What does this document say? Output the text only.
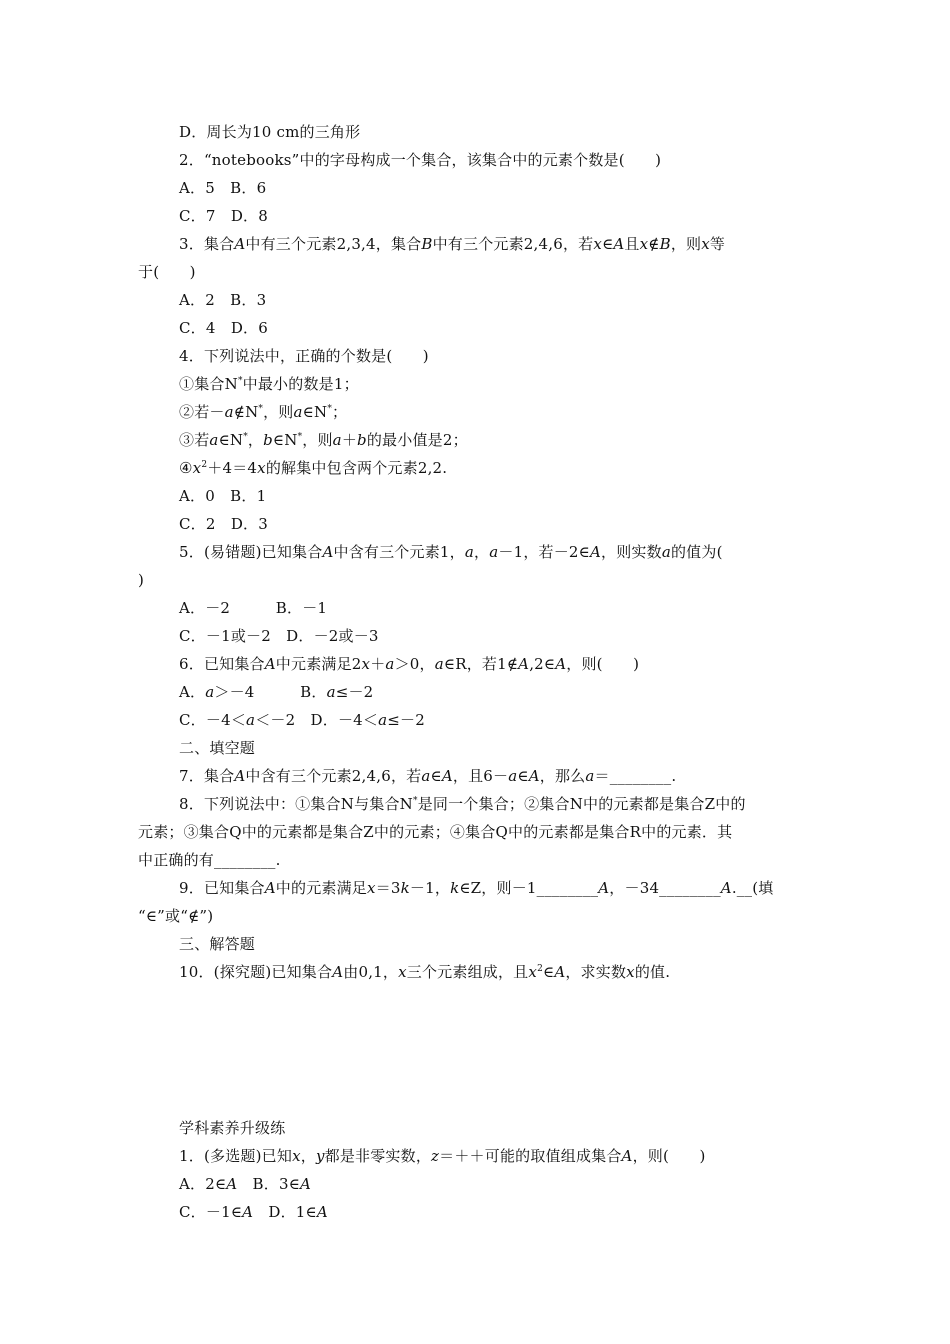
D．周长为10 cm的三角形
2．“notebooks”中的字母构成一个集合，该集合中的元素个数是(　　)
A．5　B．6
C．7　D．8
3．集合A中有三个元素2,3,4，集合B中有三个元素2,4,6，若x∈A且x∉B，则x等
于(　　)
A．2　B．3
C．4　D．6
4．下列说法中，正确的个数是(　　)
①集合N*中最小的数是1；
②若－a∉N*，则a∈N*；
③若a∈N*，b∈N*，则a＋b的最小值是2；
$④x^2+4=4x$的解集中包含两个元素2,2.
A．0　B．1
C．2　D．3
5．(易错题)已知集合A中含有三个元素1，a，a－1，若－2∈A，则实数a的值为(
)
A．－2　　　B．－1
C．－1或－2　D．－2或－3
6．已知集合A中元素满足2x＋a＞0，a∈R，若1∉A,2∈A，则(　　)
A．a＞－4　　　B．a≤－2
C．－4＜a＜－2　D．－4＜a≤－2
二、填空题
7．集合A中含有三个元素2,4,6，若a∈A，且6－a∈A，那么a＝________.
8．下列说法中：①集合N与集合N*是同一个集合；②集合N中的元素都是集合Z中的
元素；③集合Q中的元素都是集合Z中的元素；④集合Q中的元素都是集合R中的元素．其
中正确的有________.
9．已知集合A中的元素满足x＝3k－1，k∈Z，则－1________A，－34________A.__(填
“∈”或“∉”)
三、解答题
10．(探究题)已知集合A由0,1，x三个元素组成，且$x^2\in A$，求实数x的值.
学科素养升级练
1．(多选题)已知x，y都是非零实数，z＝＋＋可能的取值组成集合A，则(　　)
A．2∈A　B．3∈A
C．－1∈A　D．1∈A
